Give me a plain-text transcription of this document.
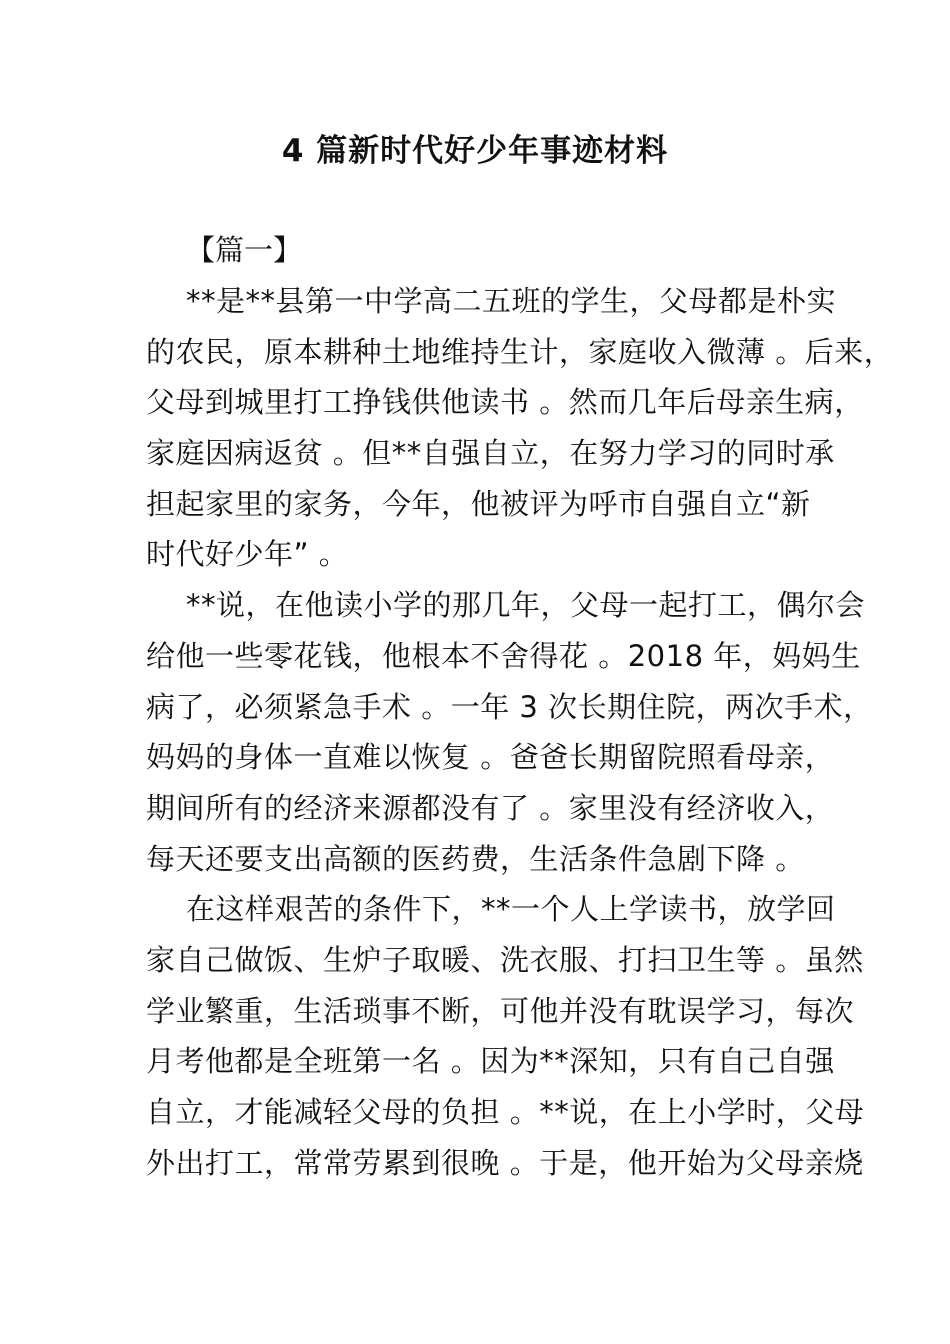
4 篇新时代好少年事迹材料
【篇一】
**是**县第一中学高二五班的学生，父母都是朴实
的农民，原本耕种土地维持生计，家庭收入微薄 。后来，
父母到城里打工挣钱供他读书 。然而几年后母亲生病，
家庭因病返贫 。但**自强自立，在努力学习的同时承
担起家里的家务，今年，他被评为呼市自强自立“新
时代好少年” 。
**说，在他读小学的那几年，父母一起打工，偶尔会
给他一些零花钱，他根本不舍得花 。2018 年，妈妈生
病了，必须紧急手术 。一年 3 次长期住院，两次手术，
妈妈的身体一直难以恢复 。爸爸长期留院照看母亲，
期间所有的经济来源都没有了 。家里没有经济收入，
每天还要支出高额的医药费，生活条件急剧下降 。
在这样艰苦的条件下，**一个人上学读书，放学回
家自己做饭、生炉子取暖、洗衣服、打扫卫生等 。虽然
学业繁重，生活琐事不断，可他并没有耽误学习，每次
月考他都是全班第一名 。因为**深知，只有自己自强
自立，才能减轻父母的负担 。**说，在上小学时，父母
外出打工，常常劳累到很晚 。于是，他开始为父母亲烧
